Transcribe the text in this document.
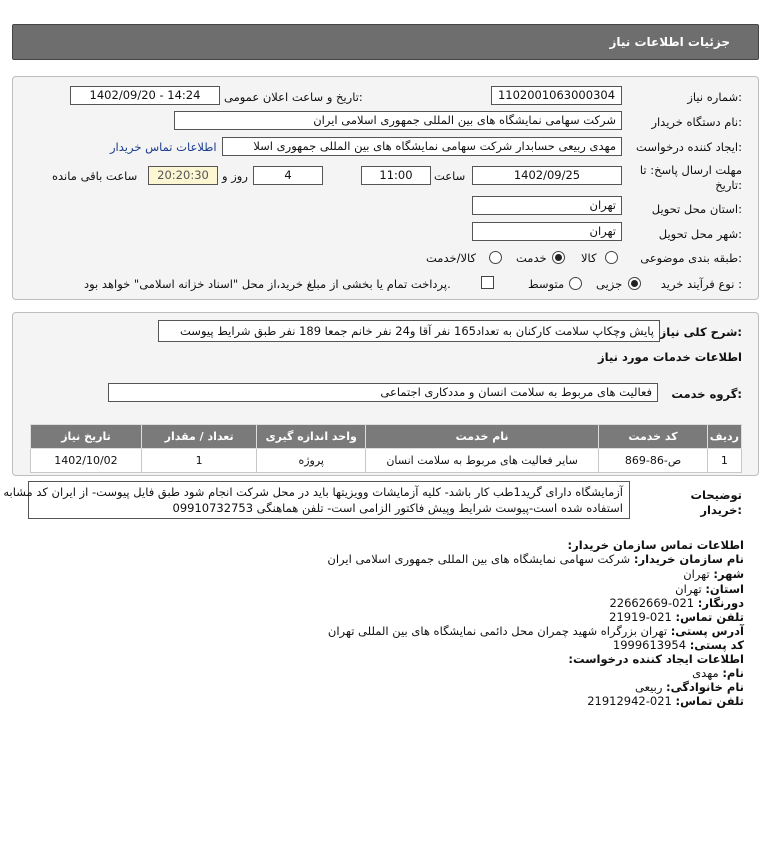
جزئیات اطلاعات نیاز
شماره نیاز:
1102001063000304
تاریخ و ساعت اعلان عمومی:
1402/09/20 - 14:24
نام دستگاه خریدار:
شرکت سهامی نمایشگاه های بین المللی جمهوری اسلامی ایران
ایجاد کننده درخواست:
مهدی ربیعی حسابدار شرکت سهامی نمایشگاه های بین المللی جمهوری اسلا
اطلاعات تماس خریدار
مهلت ارسال پاسخ: تا
تاریخ:
1402/09/25
ساعت
11:00
4
روز و
20:20:30
ساعت باقی مانده
استان محل تحویل:
تهران
شهر محل تحویل:
تهران
طبقه بندی موضوعی:
کالا
خدمت
کالا/خدمت
نوع فرآیند خرید :
جزیی
متوسط
پرداخت تمام یا بخشی از مبلغ خرید،از محل "اسناد خزانه اسلامی" خواهد بود.
شرح کلی نیاز:
پایش وچکاپ سلامت کارکنان به تعداد165 نفر آقا و24 نفر خانم جمعا 189 نفر طبق شرایط پیوست
اطلاعات خدمات مورد نیاز
گروه خدمت:
فعالیت های مربوط به سلامت انسان و مددکاری اجتماعی
ردیف	کد خدمت	نام خدمت	واحد اندازه گیری	تعداد / مقدار	تاریخ نیاز
1	ص-86-869	سایر فعالیت های مربوط به سلامت انسان	پروژه	1	1402/10/02
توضیحات
خریدار:
آزمایشگاه دارای گرید1طب کار باشد- کلیه آزمایشات وویزیتها باید در محل شرکت انجام شود طبق فایل پیوست- از ایران کد مشابه
استفاده شده است-پیوست شرایط وپیش فاکتور الزامی است- تلفن هماهنگی 09910732753
اطلاعات تماس سازمان خریدار:
نام سازمان خریدار: شرکت سهامی نمایشگاه های بین المللی جمهوری اسلامی ایران
شهر: تهران
استان: تهران
دورنگار: 021-22662669
تلفن تماس: 021-21919
آدرس پستی: تهران بزرگراه شهید چمران محل دائمی نمایشگاه های بین المللی تهران
کد پستی: 1999613954
اطلاعات ایجاد کننده درخواست:
نام: مهدی
نام خانوادگی: ربیعی
تلفن تماس: 021-21912942
